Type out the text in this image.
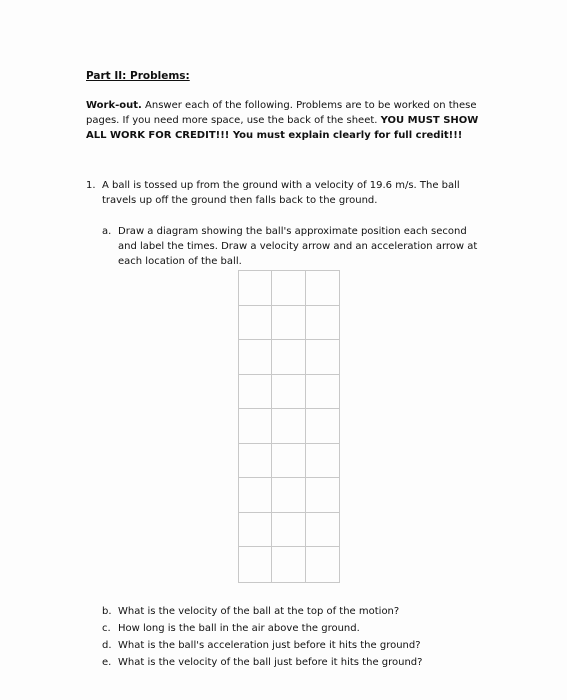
Part II: Problems:
Work-out. Answer each of the following. Problems are to be worked on these pages. If you need more space, use the back of the sheet. YOU MUST SHOW ALL WORK FOR CREDIT!!! You must explain clearly for full credit!!!
1. A ball is tossed up from the ground with a velocity of 19.6 m/s. The ball travels up off the ground then falls back to the ground.
a. Draw a diagram showing the ball's approximate position each second and label the times. Draw a velocity arrow and an acceleration arrow at each location of the ball.
b. What is the velocity of the ball at the top of the motion?
c. How long is the ball in the air above the ground.
d. What is the ball's acceleration just before it hits the ground?
e. What is the velocity of the ball just before it hits the ground?
